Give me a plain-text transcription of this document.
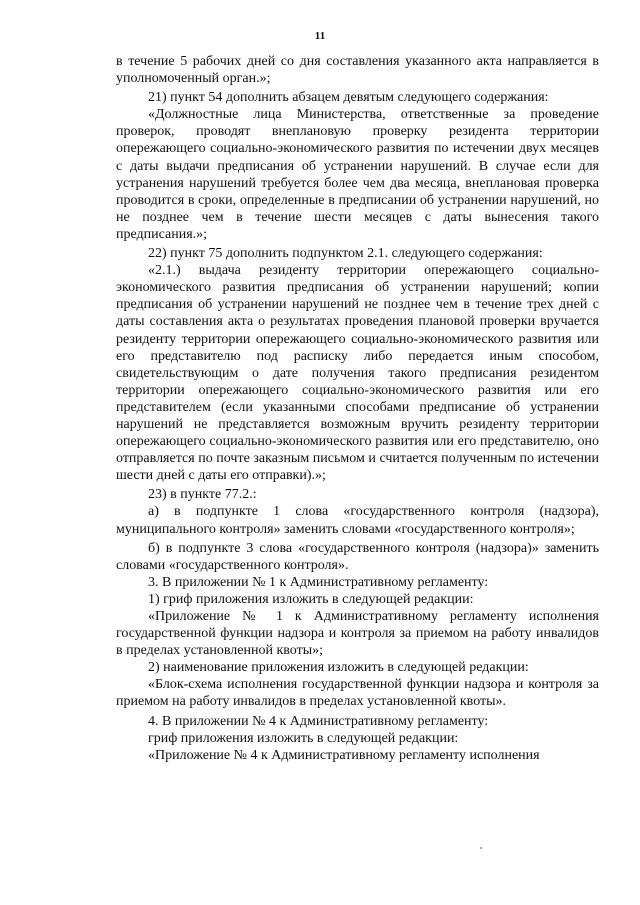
11

в течение 5 рабочих дней со дня составления указанного акта направляется в уполномоченный орган.»;

21) пункт 54 дополнить абзацем девятым следующего содержания:

«Должностные лица Министерства, ответственные за проведение проверок, проводят внеплановую проверку резидента территории опережающего социально-экономического развития по истечении двух месяцев с даты выдачи предписания об устранении нарушений. В случае если для устранения нарушений требуется более чем два месяца, внеплановая проверка проводится в сроки, определенные в предписании об устранении нарушений, но не позднее чем в течение шести месяцев с даты вынесения такого предписания.»;

22) пункт 75 дополнить подпунктом 2.1. следующего содержания:

«2.1.) выдача резиденту территории опережающего социально-экономического развития предписания об устранении нарушений; копии предписания об устранении нарушений не позднее чем в течение трех дней с даты составления акта о результатах проведения плановой проверки вручается резиденту территории опережающего социально-экономического развития или его представителю под расписку либо передается иным способом, свидетельствующим о дате получения такого предписания резидентом территории опережающего социально-экономического развития или его представителем (если указанными способами предписание об устранении нарушений не представляется возможным вручить резиденту территории опережающего социально-экономического развития или его представителю, оно отправляется по почте заказным письмом и считается полученным по истечении шести дней с даты его отправки).»;

23) в пункте 77.2.:

а) в подпункте 1 слова «государственного контроля (надзора), муниципального контроля» заменить словами «государственного контроля»;

б) в подпункте 3 слова «государственного контроля (надзора)» заменить словами «государственного контроля».

3. В приложении № 1 к Административному регламенту:

1) гриф приложения изложить в следующей редакции:

«Приложение № 1 к Административному регламенту исполнения государственной функции надзора и контроля за приемом на работу инвалидов в пределах установленной квоты»;

2) наименование приложения изложить в следующей редакции:

«Блок-схема исполнения государственной функции надзора и контроля за приемом на работу инвалидов в пределах установленной квоты».

4. В приложении № 4 к Административному регламенту:

гриф приложения изложить в следующей редакции:

«Приложение № 4 к Административному регламенту исполнения
